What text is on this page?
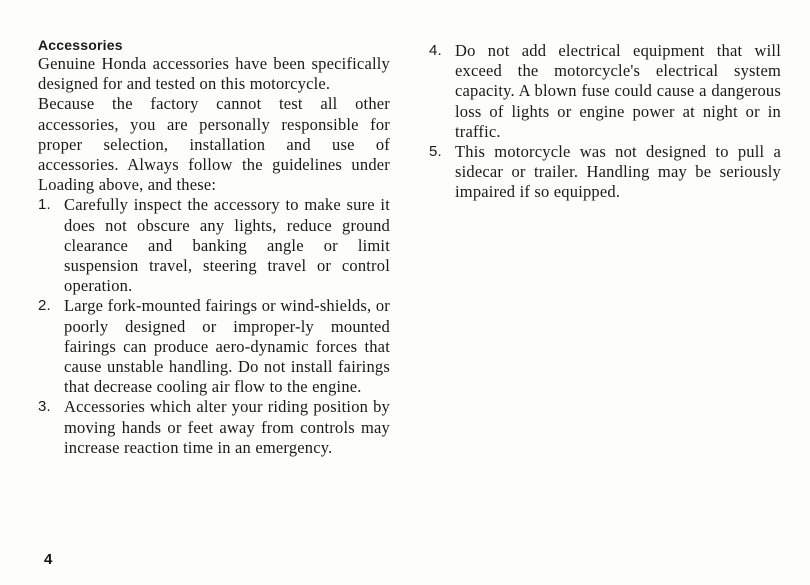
Accessories

Genuine Honda accessories have been specifically designed for and tested on this motorcycle.

Because the factory cannot test all other accessories, you are personally responsible for proper selection, installation and use of accessories. Always follow the guidelines under Loading above, and these:

1. Carefully inspect the accessory to make sure it does not obscure any lights, reduce ground clearance and banking angle or limit suspension travel, steering travel or control operation.
2. Large fork-mounted fairings or wind-shields, or poorly designed or improper-ly mounted fairings can produce aero-dynamic forces that cause unstable handling. Do not install fairings that decrease cooling air flow to the engine.
3. Accessories which alter your riding position by moving hands or feet away from controls may increase reaction time in an emergency.
4. Do not add electrical equipment that will exceed the motorcycle's electrical system capacity. A blown fuse could cause a dangerous loss of lights or engine power at night or in traffic.
5. This motorcycle was not designed to pull a sidecar or trailer. Handling may be seriously impaired if so equipped.
4
